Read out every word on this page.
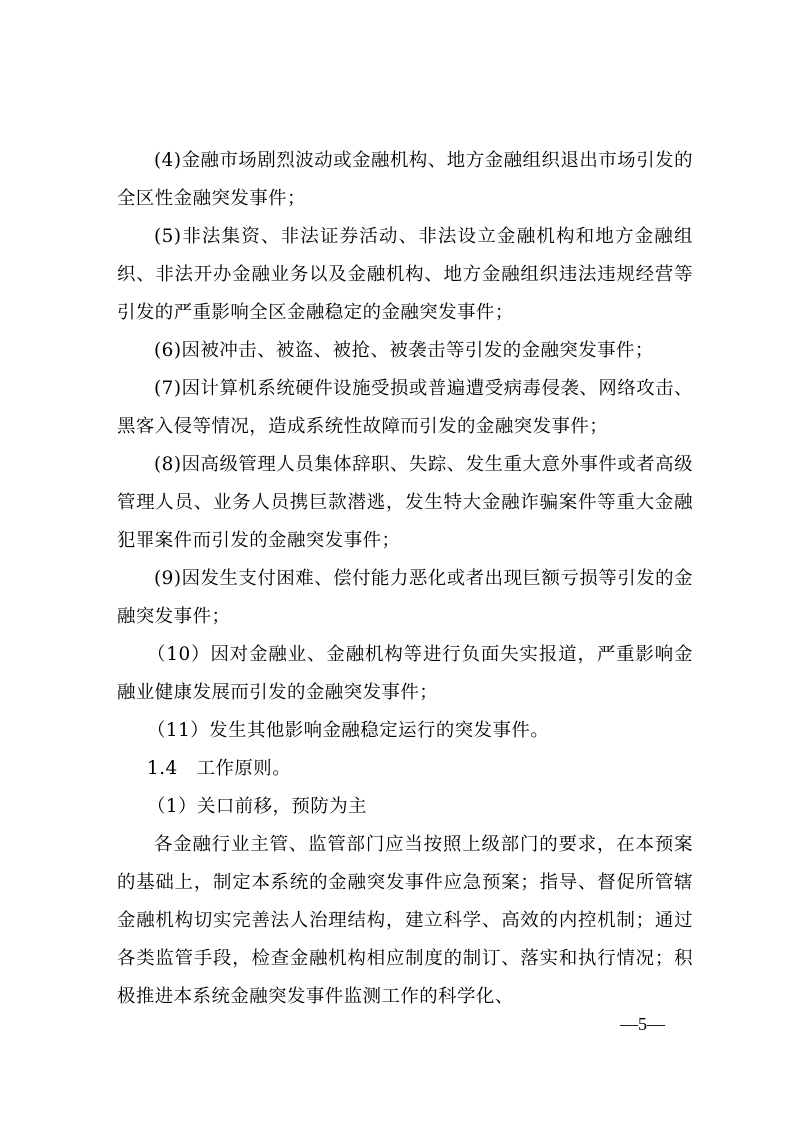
(4)金融市场剧烈波动或金融机构、地方金融组织退出市场引发的全区性金融突发事件；

(5)非法集资、非法证券活动、非法设立金融机构和地方金融组织、非法开办金融业务以及金融机构、地方金融组织违法违规经营等引发的严重影响全区金融稳定的金融突发事件；

(6)因被冲击、被盗、被抢、被袭击等引发的金融突发事件；

(7)因计算机系统硬件设施受损或普遍遭受病毒侵袭、网络攻击、黑客入侵等情况，造成系统性故障而引发的金融突发事件；

(8)因高级管理人员集体辞职、失踪、发生重大意外事件或者高级管理人员、业务人员携巨款潜逃，发生特大金融诈骗案件等重大金融犯罪案件而引发的金融突发事件；

(9)因发生支付困难、偿付能力恶化或者出现巨额亏损等引发的金融突发事件；

（10）因对金融业、金融机构等进行负面失实报道，严重影响金融业健康发展而引发的金融突发事件；

（11）发生其他影响金融稳定运行的突发事件。

1.4　工作原则。

（1）关口前移，预防为主

各金融行业主管、监管部门应当按照上级部门的要求，在本预案的基础上，制定本系统的金融突发事件应急预案；指导、督促所管辖金融机构切实完善法人治理结构，建立科学、高效的内控机制；通过各类监管手段，检查金融机构相应制度的制订、落实和执行情况；积极推进本系统金融突发事件监测工作的科学化、

—5—
